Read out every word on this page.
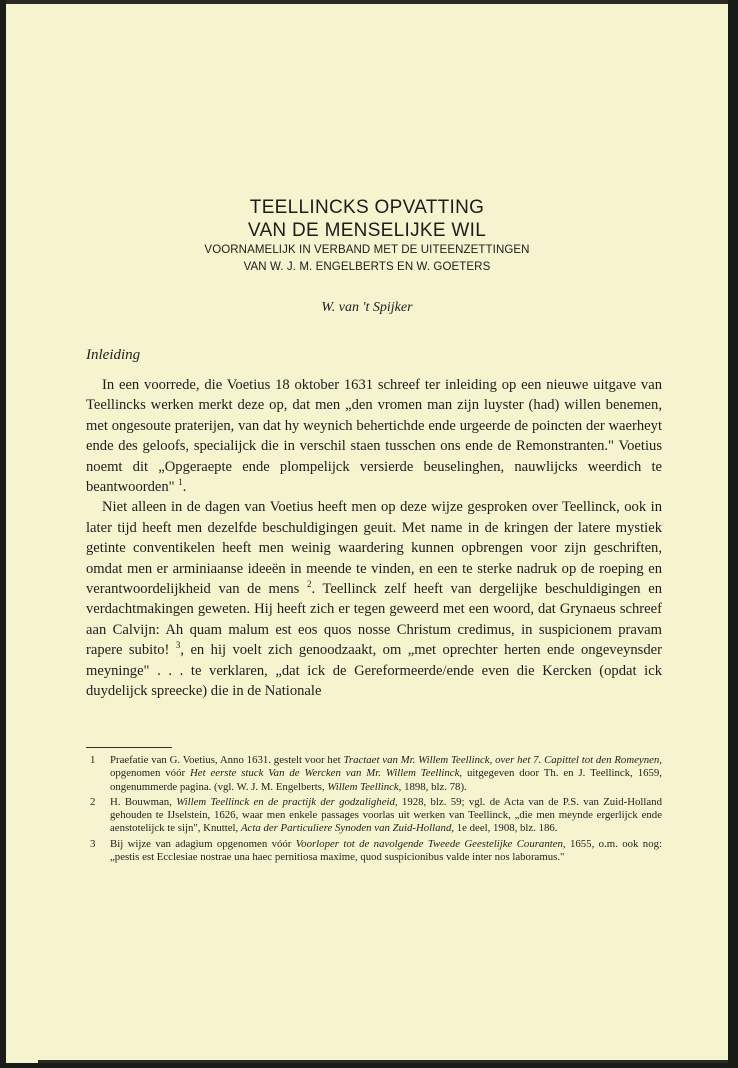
TEELLINCKS OPVATTING
VAN DE MENSELIJKE WIL
VOORNAMELIJK IN VERBAND MET DE UITEENZETTINGEN
VAN W. J. M. ENGELBERTS EN W. GOETERS
W. van 't Spijker
Inleiding

In een voorrede, die Voetius 18 oktober 1631 schreef ter inleiding op een nieuwe uitgave van Teellincks werken merkt deze op, dat men „den vromen man zijn luyster (had) willen benemen, met ongesoute praterijen, van dat hy weynich behertichde ende urgeerde de poincten der waerheyt ende des geloofs, specialijck die in verschil staen tusschen ons ende de Remonstranten." Voetius noemt dit „Opgeraepte ende plompelijck versierde beuselinghen, nauwlijcks weerdich te beantwoorden" $^1$.

Niet alleen in de dagen van Voetius heeft men op deze wijze gesproken over Teellinck, ook in later tijd heeft men dezelfde beschuldigingen geuit. Met name in de kringen der latere mystiek getinte conventikelen heeft men weinig waardering kunnen opbrengen voor zijn geschriften, omdat men er arminiaanse ideeën in meende te vinden, en een te sterke nadruk op de roeping en verantwoordelijkheid van de mens $^2$. Teellinck zelf heeft van dergelijke beschuldigingen en verdachtmakingen geweten. Hij heeft zich er tegen geweerd met een woord, dat Grynaeus schreef aan Calvijn: Ah quam malum est eos quos nosse Christum credimus, in suspicionem pravam rapere subito! $^3$, en hij voelt zich genoodzaakt, om „met oprechter herten ende ongeveynsder meyninge" . . . te verklaren, „dat ick de Gereformeerde/ende even die Kercken (opdat ick duydelijck spreecke) die in de Nationale

1 Praefatie van G. Voetius, Anno 1631. gestelt voor het Tractaet van Mr. Willem Teellinck, over het 7. Capittel tot den Romeynen, opgenomen vóór Het eerste stuck Van de Wercken van Mr. Willem Teellinck, uitgegeven door Th. en J. Teellinck, 1659, ongenummerde pagina. (vgl. W. J. M. Engelberts, Willem Teellinck, 1898, blz. 78).
2 H. Bouwman, Willem Teellinck en de practijk der godzaligheid, 1928, blz. 59; vgl. de Acta van de P.S. van Zuid-Holland gehouden te IJselstein, 1626, waar men enkele passages voorlas uit werken van Teellinck, „die men meynde ergerlijck ende aenstotelijck te sijn", Knuttel, Acta der Particuliere Synoden van Zuid-Holland, 1e deel, 1908, blz. 186.
3 Bij wijze van adagium opgenomen vóór Voorloper tot de navolgende Tweede Geestelijke Couranten, 1655, o.m. ook nog: „pestis est Ecclesiae nostrae una haec pernitiosa maxime, quod suspicionibus valde inter nos laboramus."
